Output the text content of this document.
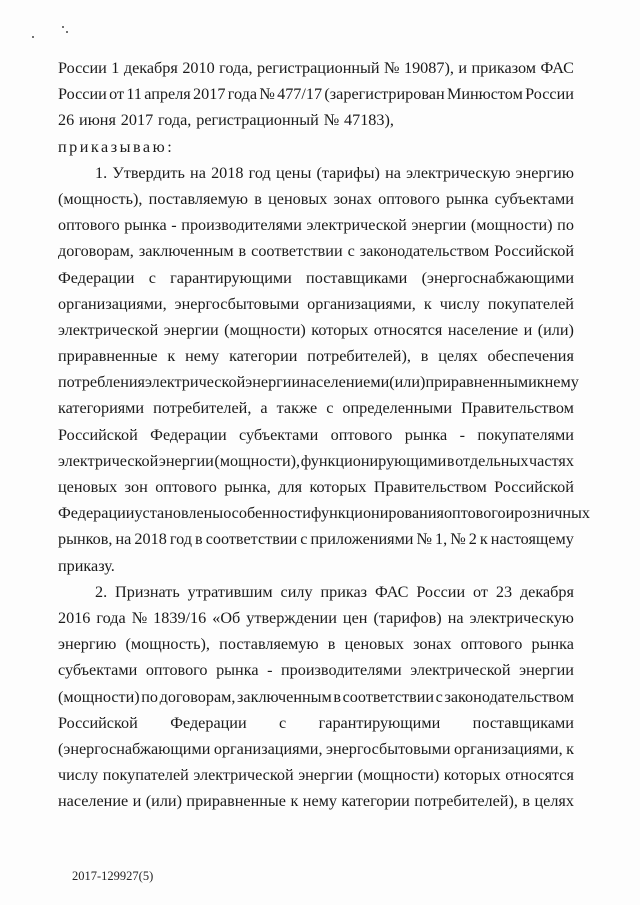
России 1 декабря 2010 года, регистрационный № 19087), и приказом ФАС
России от 11 апреля 2017 года № 477/17 (зарегистрирован Минюстом России
26 июня 2017 года, регистрационный № 47183),
приказываю:
1. Утвердить на 2018 год цены (тарифы) на электрическую энергию
(мощность), поставляемую в ценовых зонах оптового рынка субъектами
оптового рынка - производителями электрической энергии (мощности) по
договорам, заключенным в соответствии с законодательством Российской
Федерации с гарантирующими поставщиками (энергоснабжающими
организациями, энергосбытовыми организациями, к числу покупателей
электрической энергии (мощности) которых относятся население и (или)
приравненные к нему категории потребителей), в целях обеспечения
потребления электрической энергии населением и (или) приравненными к нему
категориями потребителей, а также с определенными Правительством
Российской Федерации субъектами оптового рынка - покупателями
электрической энергии (мощности), функционирующими в отдельных частях
ценовых зон оптового рынка, для которых Правительством Российской
Федерации установлены особенности функционирования оптового и розничных
рынков, на 2018 год в соответствии с приложениями № 1, № 2 к настоящему
приказу.
2. Признать утратившим силу приказ ФАС России от 23 декабря
2016 года № 1839/16 «Об утверждении цен (тарифов) на электрическую
энергию (мощность), поставляемую в ценовых зонах оптового рынка
субъектами оптового рынка - производителями электрической энергии
(мощности) по договорам, заключенным в соответствии с законодательством
Российской Федерации с гарантирующими поставщиками
(энергоснабжающими организациями, энергосбытовыми организациями, к
числу покупателей электрической энергии (мощности) которых относятся
население и (или) приравненные к нему категории потребителей), в целях
2017-129927(5)
